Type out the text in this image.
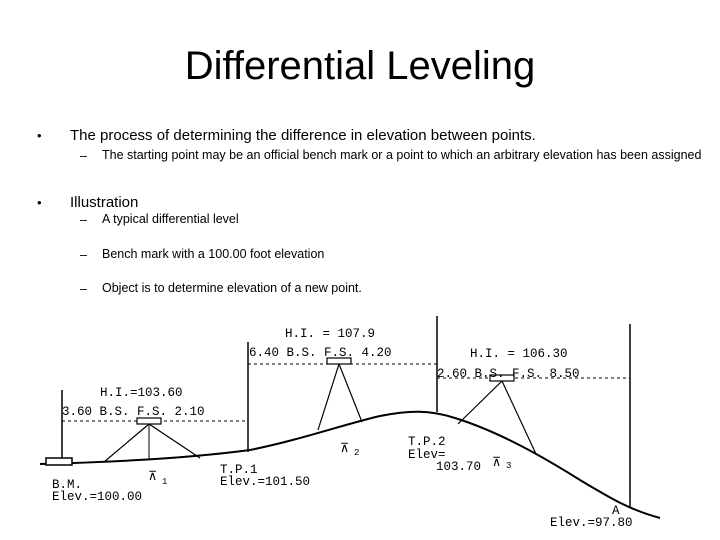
Differential Leveling
• The process of determining the difference in elevation between points.
– The starting point may be an official bench mark or a point to which an arbitrary elevation has been assigned
• Illustration
– A typical differential level
– Bench mark with a 100.00 foot elevation
– Object is to determine elevation of a new point.
⊼ 1
⊼ 2
⊼ 3
H.I. = 107.9
6.40 B.S. F.S. 4.20	H.I. = 106.30
2.60 B.S. F.S. 8.50
H.I.=103.60
3.60 B.S. F.S. 2.10
B.M.
Elev.=100.00
T.P.1
Elev.=101.50
T.P.2
Elev=
103.70
A
Elev.=97.80
